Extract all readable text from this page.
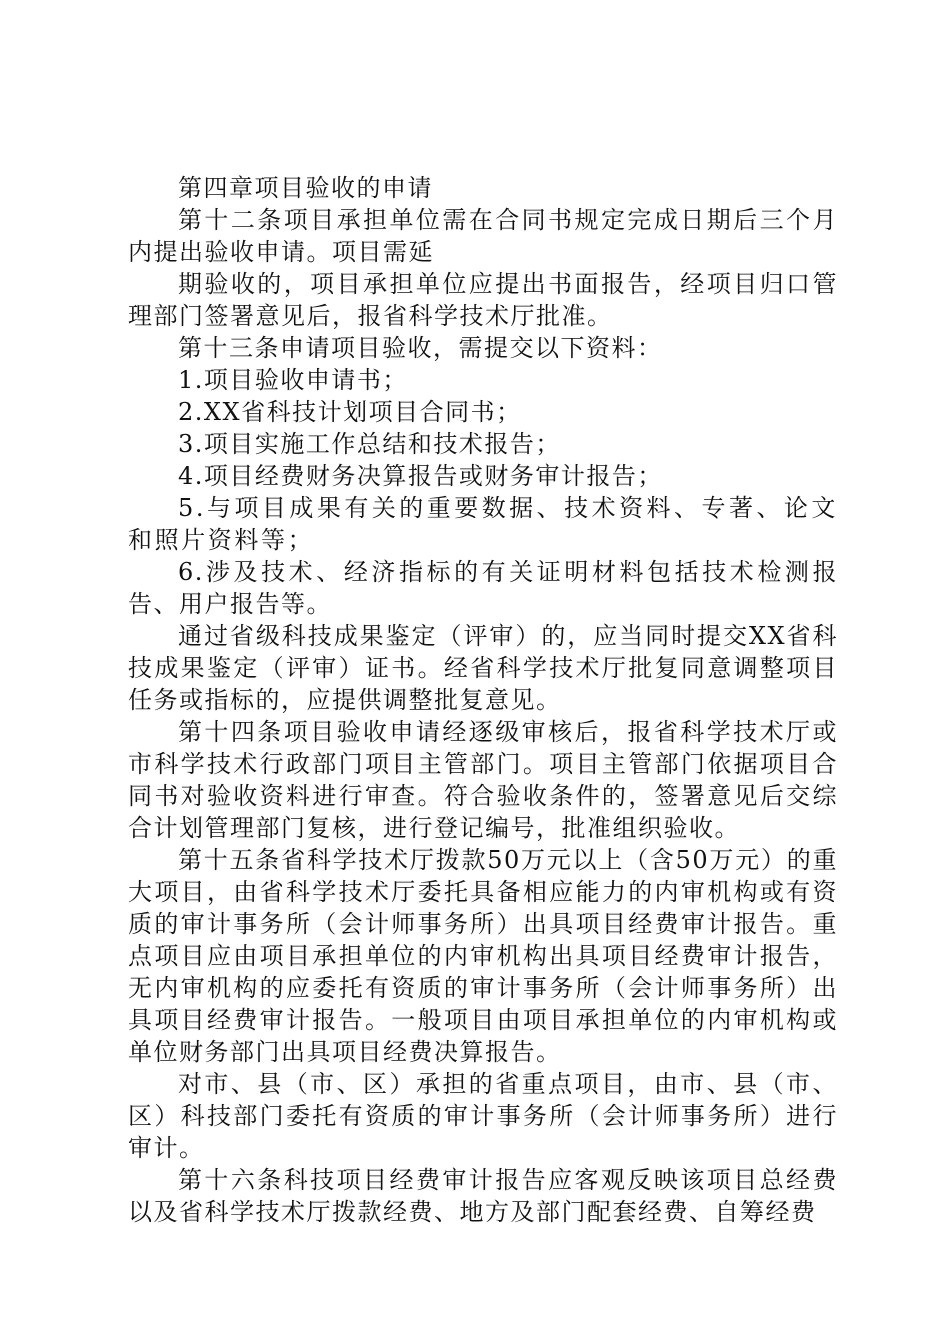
第四章项目验收的申请

第十二条项目承担单位需在合同书规定完成日期后三个月内提出验收申请。项目需延

期验收的，项目承担单位应提出书面报告，经项目归口管理部门签署意见后，报省科学技术厅批准。

第十三条申请项目验收，需提交以下资料：

1.项目验收申请书；

2.XX省科技计划项目合同书；

3.项目实施工作总结和技术报告；

4.项目经费财务决算报告或财务审计报告；

5.与项目成果有关的重要数据、技术资料、专著、论文和照片资料等；

6.涉及技术、经济指标的有关证明材料包括技术检测报告、用户报告等。

通过省级科技成果鉴定（评审）的，应当同时提交XX省科技成果鉴定（评审）证书。经省科学技术厅批复同意调整项目任务或指标的，应提供调整批复意见。

第十四条项目验收申请经逐级审核后，报省科学技术厅或市科学技术行政部门项目主管部门。项目主管部门依据项目合同书对验收资料进行审查。符合验收条件的，签署意见后交综合计划管理部门复核，进行登记编号，批准组织验收。

第十五条省科学技术厅拨款50万元以上（含50万元）的重大项目，由省科学技术厅委托具备相应能力的内审机构或有资质的审计事务所（会计师事务所）出具项目经费审计报告。重点项目应由项目承担单位的内审机构出具项目经费审计报告，无内审机构的应委托有资质的审计事务所（会计师事务所）出具项目经费审计报告。一般项目由项目承担单位的内审机构或单位财务部门出具项目经费决算报告。

对市、县（市、区）承担的省重点项目，由市、县（市、区）科技部门委托有资质的审计事务所（会计师事务所）进行审计。

第十六条科技项目经费审计报告应客观反映该项目总经费以及省科学技术厅拨款经费、地方及部门配套经费、自筹经费
